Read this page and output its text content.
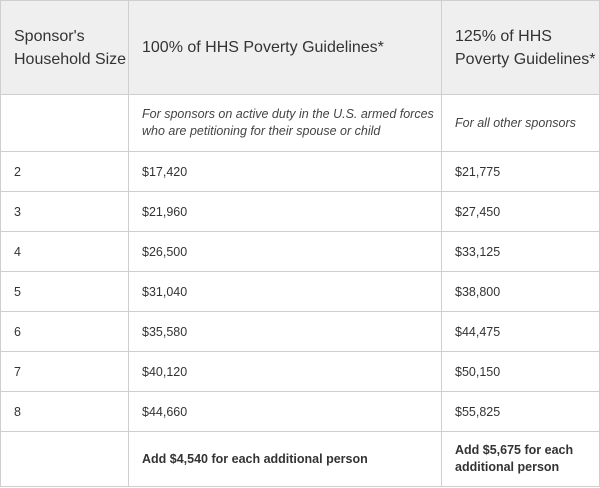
Sponsor's Household Size	100% of HHS Poverty Guidelines*	125% of HHS Poverty Guidelines*
	For sponsors on active duty in the U.S. armed forces who are petitioning for their spouse or child	For all other sponsors
2	$17,420	$21,775
3	$21,960	$27,450
4	$26,500	$33,125
5	$31,040	$38,800
6	$35,580	$44,475
7	$40,120	$50,150
8	$44,660	$55,825
	Add $4,540 for each additional person	Add $5,675 for each additional person
